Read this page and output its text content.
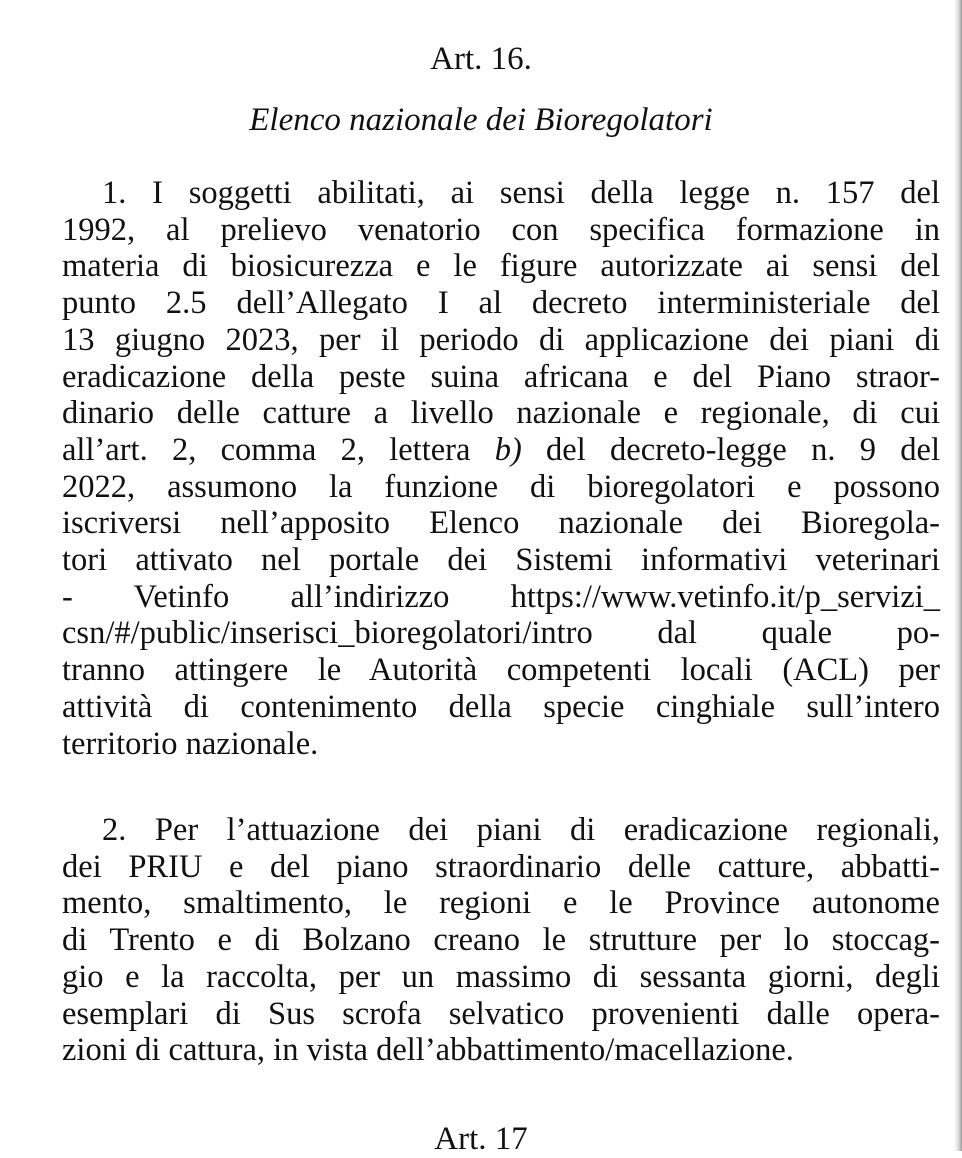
Art. 16.
Elenco nazionale dei Bioregolatori
1. I soggetti abilitati, ai sensi della legge n. 157 del
1992, al prelievo venatorio con specifica formazione in
materia di biosicurezza e le figure autorizzate ai sensi del
punto 2.5 dell’Allegato I al decreto interministeriale del
13 giugno 2023, per il periodo di applicazione dei piani di
eradicazione della peste suina africana e del Piano straor-
dinario delle catture a livello nazionale e regionale, di cui
all’art. 2, comma 2, lettera b) del decreto-legge n. 9 del
2022, assumono la funzione di bioregolatori e possono
iscriversi nell’apposito Elenco nazionale dei Bioregola-
tori attivato nel portale dei Sistemi informativi veterinari
- Vetinfo all’indirizzo https://www.vetinfo.it/p_servizi_
csn/#/public/inserisci_bioregolatori/intro dal quale po-
tranno attingere le Autorità competenti locali (ACL) per
attività di contenimento della specie cinghiale sull’intero
territorio nazionale.
2. Per l’attuazione dei piani di eradicazione regionali,
dei PRIU e del piano straordinario delle catture, abbatti-
mento, smaltimento, le regioni e le Province autonome
di Trento e di Bolzano creano le strutture per lo stoccag-
gio e la raccolta, per un massimo di sessanta giorni, degli
esemplari di Sus scrofa selvatico provenienti dalle opera-
zioni di cattura, in vista dell’abbattimento/macellazione.
Art. 17
